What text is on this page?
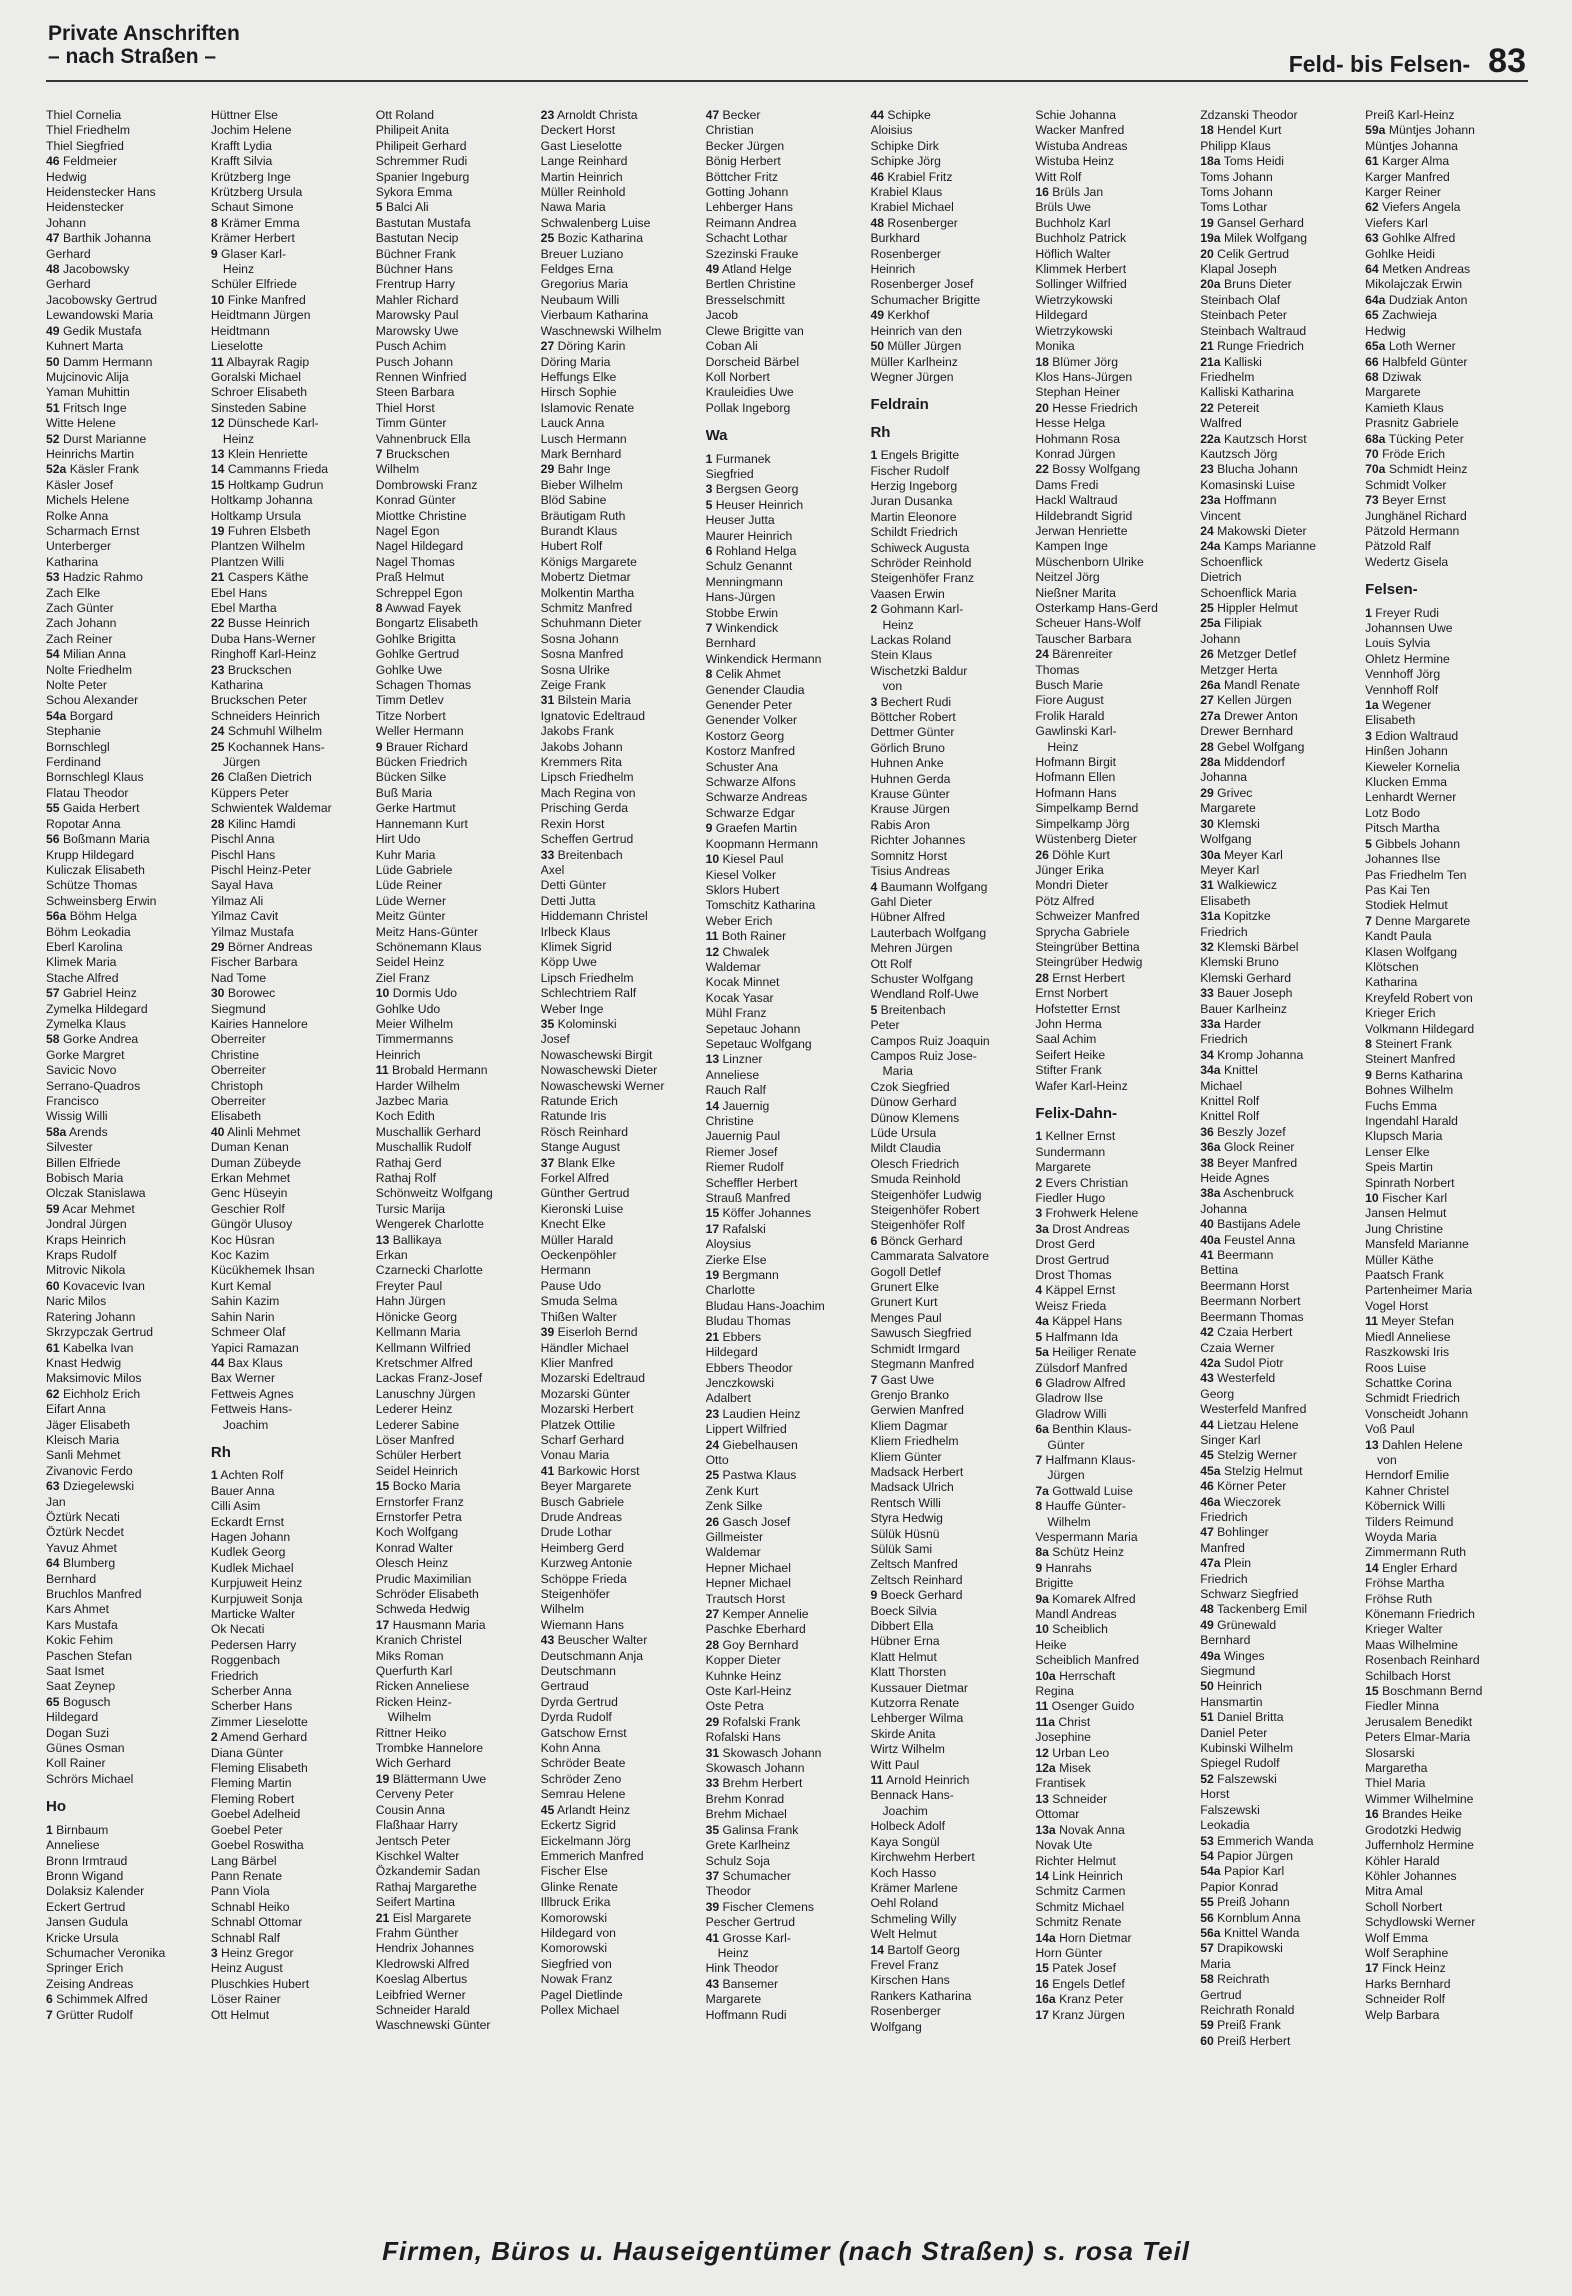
Private Anschriften
– nach Straßen –	Feld- bis Felsen- 83
Thiel Cornelia
Thiel Friedhelm
Thiel Siegfried
46 Feldmeier
Hedwig
Heidenstecker Hans
Heidenstecker
Johann
47 Barthik Johanna
Gerhard
48 Jacobowsky
Gerhard
Jacobowsky Gertrud
Lewandowski Maria
49 Gedik Mustafa
Kuhnert Marta
50 Damm Hermann
Mujcinovic Alija
Yaman Muhittin
51 Fritsch Inge
Witte Helene
52 Durst Marianne
Heinrichs Martin
52a Käsler Frank
Käsler Josef
Michels Helene
Rolke Anna
Scharmach Ernst
Unterberger
Katharina
53 Hadzic Rahmo
Zach Elke
Zach Günter
Zach Johann
Zach Reiner
54 Milian Anna
Nolte Friedhelm
Nolte Peter
Schou Alexander
54a Borgard
Stephanie
Bornschlegl
Ferdinand
Bornschlegl Klaus
Flatau Theodor
55 Gaida Herbert
Ropotar Anna
56 Boßmann Maria
Krupp Hildegard
Kuliczak Elisabeth
Schütze Thomas
Schweinsberg Erwin
56a Böhm Helga
Böhm Leokadia
Eberl Karolina
Klimek Maria
Stache Alfred
57 Gabriel Heinz
Zymelka Hildegard
Zymelka Klaus
58 Gorke Andrea
Gorke Margret
Savicic Novo
Serrano-Quadros
Francisco
Wissig Willi
58a Arends
Silvester
Billen Elfriede
Bobisch Maria
Olczak Stanislawa
59 Acar Mehmet
Jondral Jürgen
Kraps Heinrich
Kraps Rudolf
Mitrovic Nikola
60 Kovacevic Ivan
Naric Milos
Ratering Johann
Skrzypczak Gertrud
61 Kabelka Ivan
Knast Hedwig
Maksimovic Milos
62 Eichholz Erich
Eifart Anna
Jäger Elisabeth
Kleisch Maria
Sanli Mehmet
Zivanovic Ferdo
63 Dziegelewski
Jan
Öztürk Necati
Öztürk Necdet
Yavuz Ahmet
64 Blumberg
Bernhard
Bruchlos Manfred
Kars Ahmet
Kars Mustafa
Kokic Fehim
Paschen Stefan
Saat Ismet
Saat Zeynep
65 Bogusch
Hildegard
Dogan Suzi
Günes Osman
Koll Rainer
Schrörs Michael
Ho
1 Birnbaum
Anneliese
Bronn Irmtraud
Bronn Wigand
Dolaksiz Kalender
Eckert Gertrud
Jansen Gudula
Kricke Ursula
Schumacher Veronika
Springer Erich
Zeising Andreas
6 Schimmek Alfred
7 Grütter Rudolf
Hüttner Else
Jochim Helene
Krafft Lydia
Krafft Silvia
Krützberg Inge
Krützberg Ursula
Schaut Simone
8 Krämer Emma
Krämer Herbert
9 Glaser Karl-
Heinz
Schüler Elfriede
10 Finke Manfred
Heidtmann Jürgen
Heidtmann
Lieselotte
11 Albayrak Ragip
Goralski Michael
Schroer Elisabeth
Sinsteden Sabine
12 Dünschede Karl-
Heinz
13 Klein Henriette
14 Cammanns Frieda
15 Holtkamp Gudrun
Holtkamp Johanna
Holtkamp Ursula
19 Fuhren Elsbeth
Plantzen Wilhelm
Plantzen Willi
21 Caspers Käthe
Ebel Hans
Ebel Martha
22 Busse Heinrich
Duba Hans-Werner
Ringhoff Karl-Heinz
23 Bruckschen
Katharina
Bruckschen Peter
Schneiders Heinrich
24 Schmuhl Wilhelm
25 Kochannek Hans-
Jürgen
26 Claßen Dietrich
Küppers Peter
Schwientek Waldemar
28 Kilinc Hamdi
Pischl Anna
Pischl Hans
Pischl Heinz-Peter
Sayal Hava
Yilmaz Ali
Yilmaz Cavit
Yilmaz Mustafa
29 Börner Andreas
Fischer Barbara
Nad Tome
30 Borowec
Siegmund
Kairies Hannelore
Oberreiter
Christine
Oberreiter
Christoph
Oberreiter
Elisabeth
40 Alinli Mehmet
Duman Kenan
Duman Zübeyde
Erkan Mehmet
Genc Hüseyin
Geschier Rolf
Güngör Ulusoy
Koc Hüsran
Koc Kazim
Kücükhemek Ihsan
Kurt Kemal
Sahin Kazim
Sahin Narin
Schmeer Olaf
Yapici Ramazan
44 Bax Klaus
Bax Werner
Fettweis Agnes
Fettweis Hans-
Joachim
Rh
1 Achten Rolf
Bauer Anna
Cilli Asim
Eckardt Ernst
Hagen Johann
Kudlek Georg
Kudlek Michael
Kurpjuweit Heinz
Kurpjuweit Sonja
Marticke Walter
Ok Necati
Pedersen Harry
Roggenbach
Friedrich
Scherber Anna
Scherber Hans
Zimmer Lieselotte
2 Amend Gerhard
Diana Günter
Fleming Elisabeth
Fleming Martin
Fleming Robert
Goebel Adelheid
Goebel Peter
Goebel Roswitha
Lang Bärbel
Pann Renate
Pann Viola
Schnabl Heiko
Schnabl Ottomar
Schnabl Ralf
3 Heinz Gregor
Heinz August
Pluschkies Hubert
Löser Rainer
Ott Helmut
Ott Roland
Philipeit Anita
Philipeit Gerhard
Schremmer Rudi
Spanier Ingeburg
Sykora Emma
5 Balci Ali
Bastutan Mustafa
Bastutan Necip
Büchner Frank
Büchner Hans
Frentrup Harry
Mahler Richard
Marowsky Paul
Marowsky Uwe
Pusch Achim
Pusch Johann
Rennen Winfried
Steen Barbara
Thiel Horst
Timm Günter
Vahnenbruck Ella
7 Bruckschen
Wilhelm
Dombrowski Franz
Konrad Günter
Miottke Christine
Nagel Egon
Nagel Hildegard
Nagel Thomas
Praß Helmut
Schreppel Egon
8 Awwad Fayek
Bongartz Elisabeth
Gohlke Brigitta
Gohlke Gertrud
Gohlke Uwe
Schagen Thomas
Timm Detlev
Titze Norbert
Weller Hermann
9 Brauer Richard
Bücken Friedrich
Bücken Silke
Buß Maria
Gerke Hartmut
Hannemann Kurt
Hirt Udo
Kuhr Maria
Lüde Gabriele
Lüde Reiner
Lüde Werner
Meitz Günter
Meitz Hans-Günter
Schönemann Klaus
Seidel Heinz
Ziel Franz
10 Dormis Udo
Gohlke Udo
Meier Wilhelm
Timmermanns
Heinrich
11 Brobald Hermann
Harder Wilhelm
Jazbec Maria
Koch Edith
Muschallik Gerhard
Muschallik Rudolf
Rathaj Gerd
Rathaj Rolf
Schönweitz Wolfgang
Tursic Marija
Wengerek Charlotte
13 Ballikaya
Erkan
Czarnecki Charlotte
Freyter Paul
Hahn Jürgen
Hönicke Georg
Kellmann Maria
Kellmann Wilfried
Kretschmer Alfred
Lackas Franz-Josef
Lanuschny Jürgen
Lederer Heinz
Lederer Sabine
Löser Manfred
Schüler Herbert
Seidel Heinrich
15 Bocko Maria
Ernstorfer Franz
Ernstorfer Petra
Koch Wolfgang
Konrad Walter
Olesch Heinz
Prudic Maximilian
Schröder Elisabeth
Schweda Hedwig
17 Hausmann Maria
Kranich Christel
Miks Roman
Querfurth Karl
Ricken Anneliese
Ricken Heinz-
Wilhelm
Rittner Heiko
Trombke Hannelore
Wich Gerhard
19 Blättermann Uwe
Cerveny Peter
Cousin Anna
Flaßhaar Harry
Jentsch Peter
Kischkel Walter
Özkandemir Sadan
Rathaj Margarethe
Seifert Martina
21 Eisl Margarete
Frahm Günther
Hendrix Johannes
Kledrowski Alfred
Koeslag Albertus
Leibfried Werner
Schneider Harald
Waschnewski Günter
23 Arnoldt Christa
Deckert Horst
Gast Lieselotte
Lange Reinhard
Martin Heinrich
Müller Reinhold
Nawa Maria
Schwalenberg Luise
25 Bozic Katharina
Breuer Luziano
Feldges Erna
Gregorius Maria
Neubaum Willi
Vierbaum Katharina
Waschnewski Wilhelm
27 Döring Karin
Döring Maria
Heffungs Elke
Hirsch Sophie
Islamovic Renate
Lauck Anna
Lusch Hermann
Mark Bernhard
29 Bahr Inge
Bieber Wilhelm
Blöd Sabine
Bräutigam Ruth
Burandt Klaus
Hubert Rolf
Königs Margarete
Mobertz Dietmar
Molkentin Martha
Schmitz Manfred
Schuhmann Dieter
Sosna Johann
Sosna Manfred
Sosna Ulrike
Zeige Frank
31 Bilstein Maria
Ignatovic Edeltraud
Jakobs Frank
Jakobs Johann
Kremmers Rita
Lipsch Friedhelm
Mach Regina von
Prisching Gerda
Rexin Horst
Scheffen Gertrud
33 Breitenbach
Axel
Detti Günter
Detti Jutta
Hiddemann Christel
Irlbeck Klaus
Klimek Sigrid
Köpp Uwe
Lipsch Friedhelm
Schlechtriem Ralf
Weber Inge
35 Kolominski
Josef
Nowaschewski Birgit
Nowaschewski Dieter
Nowaschewski Werner
Ratunde Erich
Ratunde Iris
Rösch Reinhard
Stange August
37 Blank Elke
Forkel Alfred
Günther Gertrud
Kieronski Luise
Knecht Elke
Müller Harald
Oeckenpöhler
Hermann
Pause Udo
Smuda Selma
Thißen Walter
39 Eiserloh Bernd
Händler Michael
Klier Manfred
Mozarski Edeltraud
Mozarski Günter
Mozarski Herbert
Platzek Ottilie
Scharf Gerhard
Vonau Maria
41 Barkowic Horst
Beyer Margarete
Busch Gabriele
Drude Andreas
Drude Lothar
Heimberg Gerd
Kurzweg Antonie
Schöppe Frieda
Steigenhöfer
Wilhelm
Wiemann Hans
43 Beuscher Walter
Deutschmann Anja
Deutschmann
Gertraud
Dyrda Gertrud
Dyrda Rudolf
Gatschow Ernst
Kohn Anna
Schröder Beate
Schröder Zeno
Semrau Helene
45 Arlandt Heinz
Eckertz Sigrid
Eickelmann Jörg
Emmerich Manfred
Fischer Else
Glinke Renate
Illbruck Erika
Komorowski
Hildegard von
Komorowski
Siegfried von
Nowak Franz
Pagel Dietlinde
Pollex Michael
47 Becker
Christian
Becker Jürgen
Bönig Herbert
Böttcher Fritz
Gotting Johann
Lehberger Hans
Reimann Andrea
Schacht Lothar
Szezinski Frauke
49 Atland Helge
Bertlen Christine
Bresselschmitt
Jacob
Clewe Brigitte van
Coban Ali
Dorscheid Bärbel
Koll Norbert
Krauleidies Uwe
Pollak Ingeborg
Wa
1 Furmanek
Siegfried
3 Bergsen Georg
5 Heuser Heinrich
Heuser Jutta
Maurer Heinrich
6 Rohland Helga
Schulz Genannt
Menningmann
Hans-Jürgen
Stobbe Erwin
7 Winkendick
Bernhard
Winkendick Hermann
8 Celik Ahmet
Genender Claudia
Genender Peter
Genender Volker
Kostorz Georg
Kostorz Manfred
Schuster Ana
Schwarze Alfons
Schwarze Andreas
Schwarze Edgar
9 Graefen Martin
Koopmann Hermann
10 Kiesel Paul
Kiesel Volker
Sklors Hubert
Tomschitz Katharina
Weber Erich
11 Both Rainer
12 Chwalek
Waldemar
Kocak Minnet
Kocak Yasar
Mühl Franz
Sepetauc Johann
Sepetauc Wolfgang
13 Linzner
Anneliese
Rauch Ralf
14 Jauernig
Christine
Jauernig Paul
Riemer Josef
Riemer Rudolf
Scheffler Herbert
Strauß Manfred
15 Köffer Johannes
17 Rafalski
Aloysius
Zierke Else
19 Bergmann
Charlotte
Bludau Hans-Joachim
Bludau Thomas
21 Ebbers
Hildegard
Ebbers Theodor
Jenczkowski
Adalbert
23 Laudien Heinz
Lippert Wilfried
24 Giebelhausen
Otto
25 Pastwa Klaus
Zenk Kurt
Zenk Silke
26 Gasch Josef
Gillmeister
Waldemar
Hepner Michael
Hepner Michael
Trautsch Horst
27 Kemper Annelie
Paschke Eberhard
28 Goy Bernhard
Kopper Dieter
Kuhnke Heinz
Oste Karl-Heinz
Oste Petra
29 Rofalski Frank
Rofalski Hans
31 Skowasch Johann
Skowasch Johann
33 Brehm Herbert
Brehm Konrad
Brehm Michael
35 Galinsa Frank
Grete Karlheinz
Schulz Soja
37 Schumacher
Theodor
39 Fischer Clemens
Pescher Gertrud
41 Grosse Karl-
Heinz
Hink Theodor
43 Bansemer
Margarete
Hoffmann Rudi
44 Schipke
Aloisius
Schipke Dirk
Schipke Jörg
46 Krabiel Fritz
Krabiel Klaus
Krabiel Michael
48 Rosenberger
Burkhard
Rosenberger
Heinrich
Rosenberger Josef
Schumacher Brigitte
49 Kerkhof
Heinrich van den
50 Müller Jürgen
Müller Karlheinz
Wegner Jürgen
Feldrain
Rh
1 Engels Brigitte
Fischer Rudolf
Herzig Ingeborg
Juran Dusanka
Martin Eleonore
Schildt Friedrich
Schiweck Augusta
Schröder Reinhold
Steigenhöfer Franz
Vaasen Erwin
2 Gohmann Karl-
Heinz
Lackas Roland
Stein Klaus
Wischetzki Baldur
von
3 Bechert Rudi
Böttcher Robert
Dettmer Günter
Görlich Bruno
Huhnen Anke
Huhnen Gerda
Krause Günter
Krause Jürgen
Rabis Aron
Richter Johannes
Somnitz Horst
Tisius Andreas
4 Baumann Wolfgang
Gahl Dieter
Hübner Alfred
Lauterbach Wolfgang
Mehren Jürgen
Ott Rolf
Schuster Wolfgang
Wendland Rolf-Uwe
5 Breitenbach
Peter
Campos Ruiz Joaquin
Campos Ruiz Jose-
Maria
Czok Siegfried
Dünow Gerhard
Dünow Klemens
Lüde Ursula
Mildt Claudia
Olesch Friedrich
Smuda Reinhold
Steigenhöfer Ludwig
Steigenhöfer Robert
Steigenhöfer Rolf
6 Bönck Gerhard
Cammarata Salvatore
Gogoll Detlef
Grunert Elke
Grunert Kurt
Menges Paul
Sawusch Siegfried
Schmidt Irmgard
Stegmann Manfred
7 Gast Uwe
Grenjo Branko
Gerwien Manfred
Kliem Dagmar
Kliem Friedhelm
Kliem Günter
Madsack Herbert
Madsack Ulrich
Rentsch Willi
Styra Hedwig
Sülük Hüsnü
Sülük Sami
Zeltsch Manfred
Zeltsch Reinhard
9 Boeck Gerhard
Boeck Silvia
Dibbert Ella
Hübner Erna
Klatt Helmut
Klatt Thorsten
Kussauer Dietmar
Kutzorra Renate
Lehberger Wilma
Skirde Anita
Wirtz Wilhelm
Witt Paul
11 Arnold Heinrich
Bennack Hans-
Joachim
Holbeck Adolf
Kaya Songül
Kirchwehm Herbert
Koch Hasso
Krämer Marlene
Oehl Roland
Schmeling Willy
Welt Helmut
14 Bartolf Georg
Frevel Franz
Kirschen Hans
Rankers Katharina
Rosenberger
Wolfgang
Schie Johanna
Wacker Manfred
Wistuba Andreas
Wistuba Heinz
Witt Rolf
16 Brüls Jan
Brüls Uwe
Buchholz Karl
Buchholz Patrick
Höflich Walter
Klimmek Herbert
Sollinger Wilfried
Wietrzykowski
Hildegard
Wietrzykowski
Monika
18 Blümer Jörg
Klos Hans-Jürgen
Stephan Heiner
20 Hesse Friedrich
Hesse Helga
Hohmann Rosa
Konrad Jürgen
22 Bossy Wolfgang
Dams Fredi
Hackl Waltraud
Hildebrandt Sigrid
Jerwan Henriette
Kampen Inge
Müschenborn Ulrike
Neitzel Jörg
Nießner Marita
Osterkamp Hans-Gerd
Scheuer Hans-Wolf
Tauscher Barbara
24 Bärenreiter
Thomas
Busch Marie
Fiore August
Frolik Harald
Gawlinski Karl-
Heinz
Hofmann Birgit
Hofmann Ellen
Hofmann Hans
Simpelkamp Bernd
Simpelkamp Jörg
Wüstenberg Dieter
26 Döhle Kurt
Jünger Erika
Mondri Dieter
Pötz Alfred
Schweizer Manfred
Sprycha Gabriele
Steingrüber Bettina
Steingrüber Hedwig
28 Ernst Herbert
Ernst Norbert
Hofstetter Ernst
John Herma
Saal Achim
Seifert Heike
Stifter Frank
Wafer Karl-Heinz
Felix-Dahn-
1 Kellner Ernst
Sundermann
Margarete
2 Evers Christian
Fiedler Hugo
3 Frohwerk Helene
3a Drost Andreas
Drost Gerd
Drost Gertrud
Drost Thomas
4 Käppel Ernst
Weisz Frieda
4a Käppel Hans
5 Halfmann Ida
5a Heiliger Renate
Zülsdorf Manfred
6 Gladrow Alfred
Gladrow Ilse
Gladrow Willi
6a Benthin Klaus-
Günter
7 Halfmann Klaus-
Jürgen
7a Gottwald Luise
8 Hauffe Günter-
Wilhelm
Vespermann Maria
8a Schütz Heinz
9 Hanrahs
Brigitte
9a Komarek Alfred
Mandl Andreas
10 Scheiblich
Heike
Scheiblich Manfred
10a Herrschaft
Regina
11 Osenger Guido
11a Christ
Josephine
12 Urban Leo
12a Misek
Frantisek
13 Schneider
Ottomar
13a Novak Anna
Novak Ute
Richter Helmut
14 Link Heinrich
Schmitz Carmen
Schmitz Michael
Schmitz Renate
14a Horn Dietmar
Horn Günter
15 Patek Josef
16 Engels Detlef
16a Kranz Peter
17 Kranz Jürgen
Zdzanski Theodor
18 Hendel Kurt
Philipp Klaus
18a Toms Heidi
Toms Johann
Toms Johann
Toms Lothar
19 Gansel Gerhard
19a Milek Wolfgang
20 Celik Gertrud
Klapal Joseph
20a Bruns Dieter
Steinbach Olaf
Steinbach Peter
Steinbach Waltraud
21 Runge Friedrich
21a Kalliski
Friedhelm
Kalliski Katharina
22 Petereit
Walfred
22a Kautzsch Horst
Kautzsch Jörg
23 Blucha Johann
Komasinski Luise
23a Hoffmann
Vincent
24 Makowski Dieter
24a Kamps Marianne
Schoenflick
Dietrich
Schoenflick Maria
25 Hippler Helmut
25a Filipiak
Johann
26 Metzger Detlef
Metzger Herta
26a Mandl Renate
27 Kellen Jürgen
27a Drewer Anton
Drewer Bernhard
28 Gebel Wolfgang
28a Middendorf
Johanna
29 Grivec
Margarete
30 Klemski
Wolfgang
30a Meyer Karl
Meyer Karl
31 Walkiewicz
Elisabeth
31a Kopitzke
Friedrich
32 Klemski Bärbel
Klemski Bruno
Klemski Gerhard
33 Bauer Joseph
Bauer Karlheinz
33a Harder
Friedrich
34 Kromp Johanna
34a Knittel
Michael
Knittel Rolf
Knittel Rolf
36 Beszly Jozef
36a Glock Reiner
38 Beyer Manfred
Heide Agnes
38a Aschenbruck
Johanna
40 Bastijans Adele
40a Feustel Anna
41 Beermann
Bettina
Beermann Horst
Beermann Norbert
Beermann Thomas
42 Czaia Herbert
Czaia Werner
42a Sudol Piotr
43 Westerfeld
Georg
Westerfeld Manfred
44 Lietzau Helene
Singer Karl
45 Stelzig Werner
45a Stelzig Helmut
46 Körner Peter
46a Wieczorek
Friedrich
47 Bohlinger
Manfred
47a Plein
Friedrich
Schwarz Siegfried
48 Tackenberg Emil
49 Grünewald
Bernhard
49a Winges
Siegmund
50 Heinrich
Hansmartin
51 Daniel Britta
Daniel Peter
Kubinski Wilhelm
Spiegel Rudolf
52 Falszewski
Horst
Falszewski
Leokadia
53 Emmerich Wanda
54 Papior Jürgen
54a Papior Karl
Papior Konrad
55 Preiß Johann
56 Kornblum Anna
56a Knittel Wanda
57 Drapikowski
Maria
58 Reichrath
Gertrud
Reichrath Ronald
59 Preiß Frank
60 Preiß Herbert
Preiß Karl-Heinz
59a Müntjes Johann
Müntjes Johanna
61 Karger Alma
Karger Manfred
Karger Reiner
62 Viefers Angela
Viefers Karl
63 Gohlke Alfred
Gohlke Heidi
64 Metken Andreas
Mikolajczak Erwin
64a Dudziak Anton
65 Zachwieja
Hedwig
65a Loth Werner
66 Halbfeld Günter
68 Dziwak
Margarete
Kamieth Klaus
Prasnitz Gabriele
68a Tücking Peter
70 Fröde Erich
70a Schmidt Heinz
Schmidt Volker
73 Beyer Ernst
Junghänel Richard
Pätzold Hermann
Pätzold Ralf
Wedertz Gisela
Felsen-
1 Freyer Rudi
Johannsen Uwe
Louis Sylvia
Ohletz Hermine
Vennhoff Jörg
Vennhoff Rolf
1a Wegener
Elisabeth
3 Edion Waltraud
Hinßen Johann
Kieweler Kornelia
Klucken Emma
Lenhardt Werner
Lotz Bodo
Pitsch Martha
5 Gibbels Johann
Johannes Ilse
Pas Friedhelm Ten
Pas Kai Ten
Stodiek Helmut
7 Denne Margarete
Kandt Paula
Klasen Wolfgang
Klötschen
Katharina
Kreyfeld Robert von
Krieger Erich
Volkmann Hildegard
8 Steinert Frank
Steinert Manfred
9 Berns Katharina
Bohnes Wilhelm
Fuchs Emma
Ingendahl Harald
Klupsch Maria
Lenser Elke
Speis Martin
Spinrath Norbert
10 Fischer Karl
Jansen Helmut
Jung Christine
Mansfeld Marianne
Müller Käthe
Paatsch Frank
Partenheimer Maria
Vogel Horst
11 Meyer Stefan
Miedl Anneliese
Raszkowski Iris
Roos Luise
Schattke Corina
Schmidt Friedrich
Vonscheidt Johann
Voß Paul
13 Dahlen Helene
von
Herndorf Emilie
Kahner Christel
Köbernick Willi
Tilders Reimund
Woyda Maria
Zimmermann Ruth
14 Engler Erhard
Fröhse Martha
Fröhse Ruth
Könemann Friedrich
Krieger Walter
Maas Wilhelmine
Rosenbach Reinhard
Schilbach Horst
15 Boschmann Bernd
Fiedler Minna
Jerusalem Benedikt
Peters Elmar-Maria
Slosarski
Margaretha
Thiel Maria
Wimmer Wilhelmine
16 Brandes Heike
Grodotzki Hedwig
Juffernholz Hermine
Köhler Harald
Köhler Johannes
Mitra Amal
Scholl Norbert
Schydlowski Werner
Wolf Emma
Wolf Seraphine
17 Finck Heinz
Harks Bernhard
Schneider Rolf
Welp Barbara
Firmen, Büros u. Hauseigentümer (nach Straßen) s. rosa Teil
